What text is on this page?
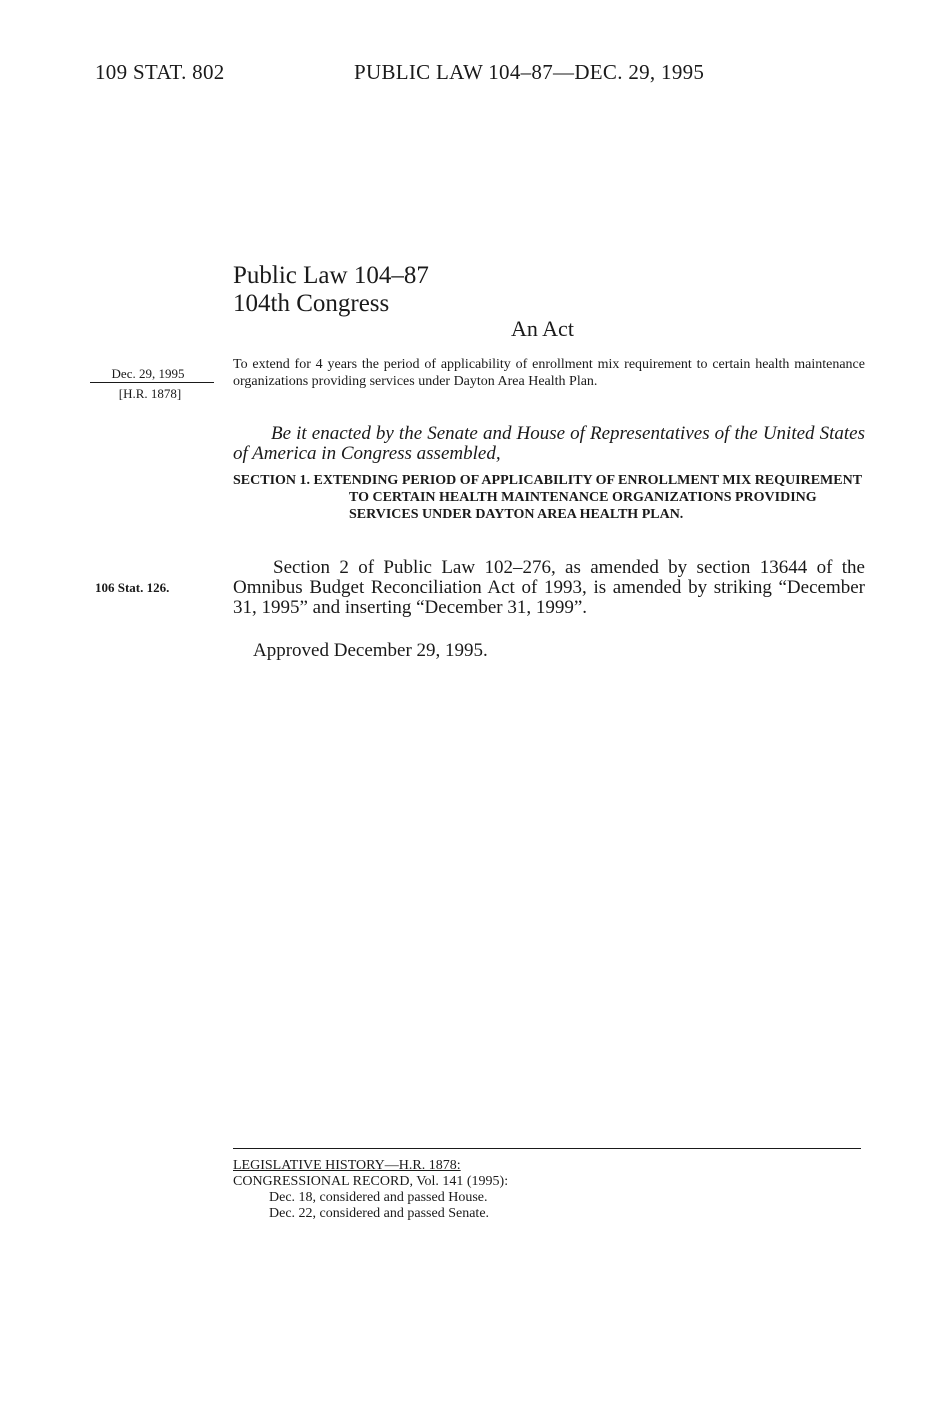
109 STAT. 802	PUBLIC LAW 104–87—DEC. 29, 1995
Public Law 104–87
104th Congress
An Act
Dec. 29, 1995
[H.R. 1878]
To extend for 4 years the period of applicability of enrollment mix requirement to certain health maintenance organizations providing services under Dayton Area Health Plan.
Be it enacted by the Senate and House of Representatives of the United States of America in Congress assembled,
SECTION 1. EXTENDING PERIOD OF APPLICABILITY OF ENROLLMENT MIX REQUIREMENT TO CERTAIN HEALTH MAINTENANCE ORGANIZATIONS PROVIDING SERVICES UNDER DAYTON AREA HEALTH PLAN.
106 Stat. 126.
Section 2 of Public Law 102–276, as amended by section 13644 of the Omnibus Budget Reconciliation Act of 1993, is amended by striking “December 31, 1995” and inserting “December 31, 1999”.
Approved December 29, 1995.
LEGISLATIVE HISTORY—H.R. 1878:
CONGRESSIONAL RECORD, Vol. 141 (1995):
Dec. 18, considered and passed House.
Dec. 22, considered and passed Senate.
